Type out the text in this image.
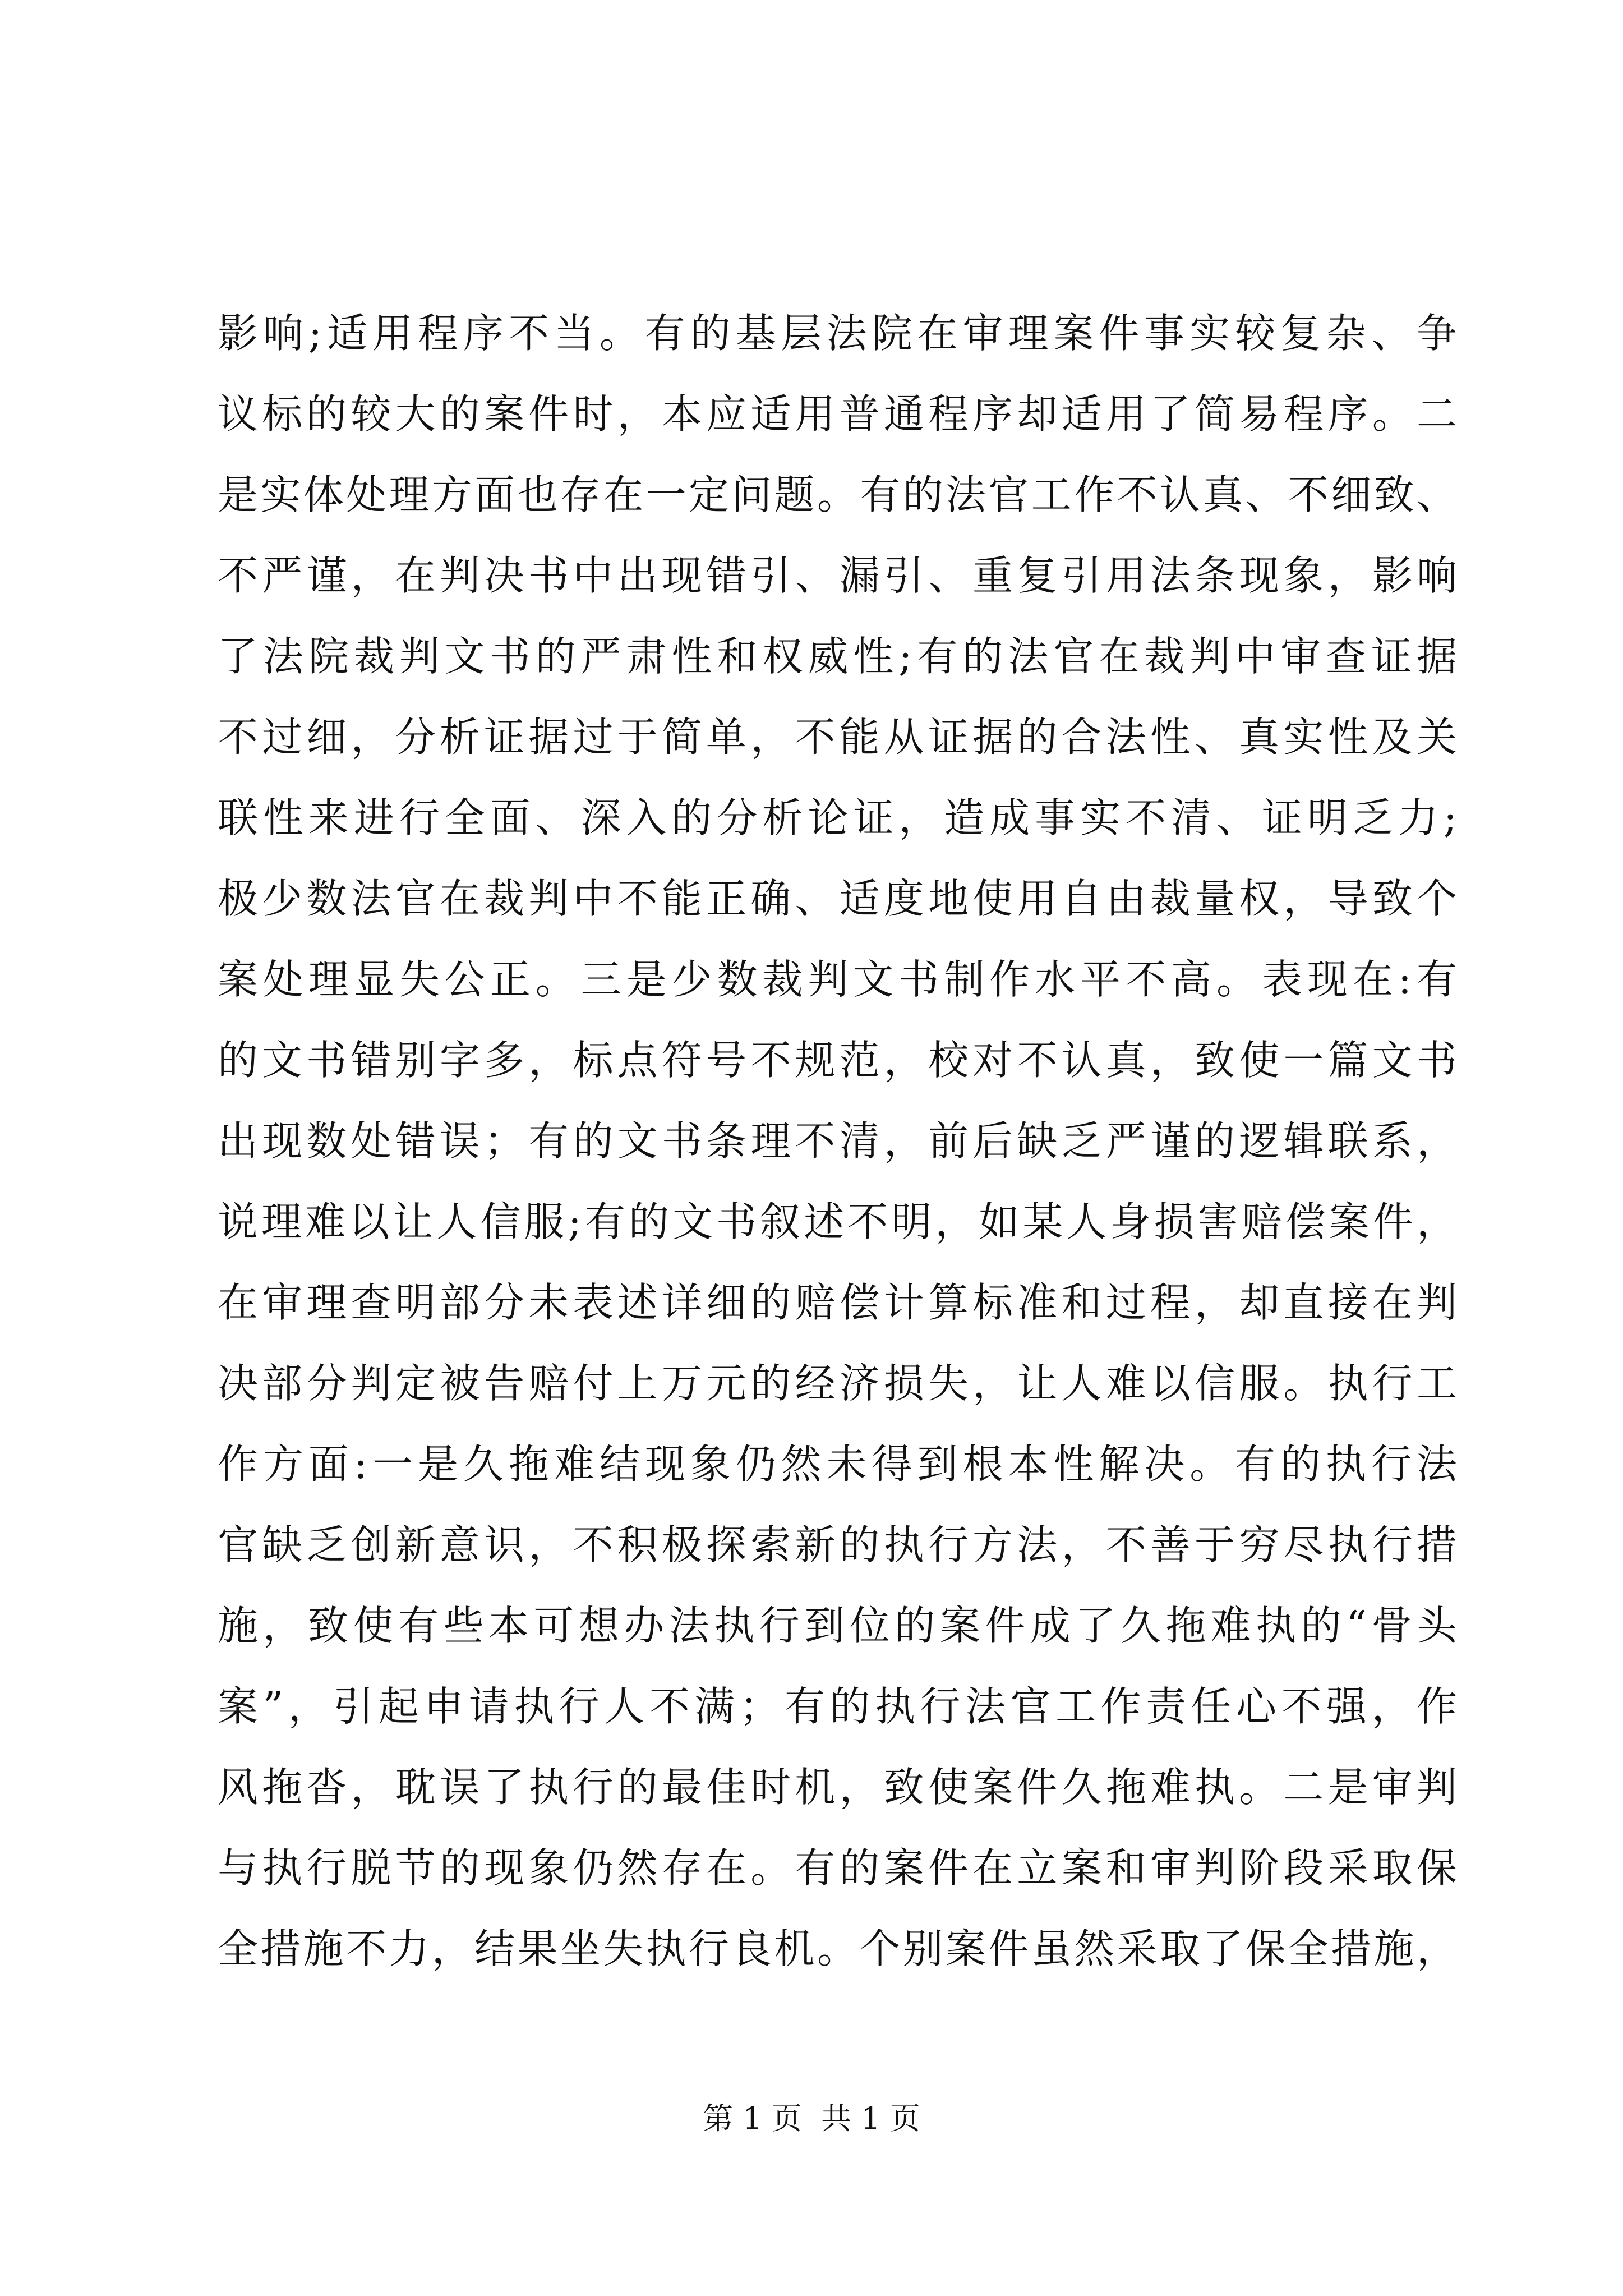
影响;适用程序不当。有的基层法院在审理案件事实较复杂、争
议标的较大的案件时，本应适用普通程序却适用了简易程序。二
是实体处理方面也存在一定问题。有的法官工作不认真、不细致、
不严谨，在判决书中出现错引、漏引、重复引用法条现象，影响
了法院裁判文书的严肃性和权威性;有的法官在裁判中审查证据
不过细，分析证据过于简单，不能从证据的合法性、真实性及关
联性来进行全面、深入的分析论证，造成事实不清、证明乏力;
极少数法官在裁判中不能正确、适度地使用自由裁量权，导致个
案处理显失公正。三是少数裁判文书制作水平不高。表现在:有
的文书错别字多，标点符号不规范，校对不认真，致使一篇文书
出现数处错误；有的文书条理不清，前后缺乏严谨的逻辑联系，
说理难以让人信服;有的文书叙述不明，如某人身损害赔偿案件，
在审理查明部分未表述详细的赔偿计算标准和过程，却直接在判
决部分判定被告赔付上万元的经济损失，让人难以信服。执行工
作方面:一是久拖难结现象仍然未得到根本性解决。有的执行法
官缺乏创新意识，不积极探索新的执行方法，不善于穷尽执行措
施，致使有些本可想办法执行到位的案件成了久拖难执的“骨头
案”，引起申请执行人不满；有的执行法官工作责任心不强，作
风拖沓，耽误了执行的最佳时机，致使案件久拖难执。二是审判
与执行脱节的现象仍然存在。有的案件在立案和审判阶段采取保
全措施不力，结果坐失执行良机。个别案件虽然采取了保全措施，
第 1 页  共 1 页
